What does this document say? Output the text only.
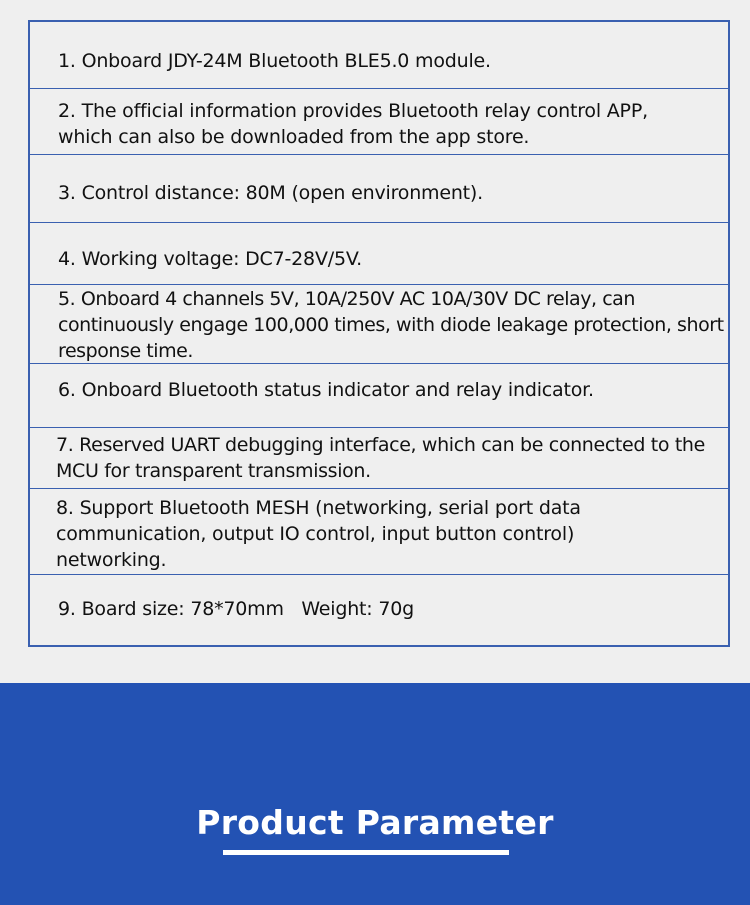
1. Onboard JDY-24M Bluetooth BLE5.0 module.

2. The official information provides Bluetooth relay control APP, which can also be downloaded from the app store.

3. Control distance: 80M (open environment).

4. Working voltage: DC7-28V/5V.

5. Onboard 4 channels 5V, 10A/250V AC 10A/30V DC relay, can continuously engage 100,000 times, with diode leakage protection, short response time.

6. Onboard Bluetooth status indicator and relay indicator.

7. Reserved UART debugging interface, which can be connected to the MCU for transparent transmission.

8. Support Bluetooth MESH (networking, serial port data communication, output IO control, input button control) networking.

9. Board size: 78*70mm   Weight: 70g

Product Parameter
